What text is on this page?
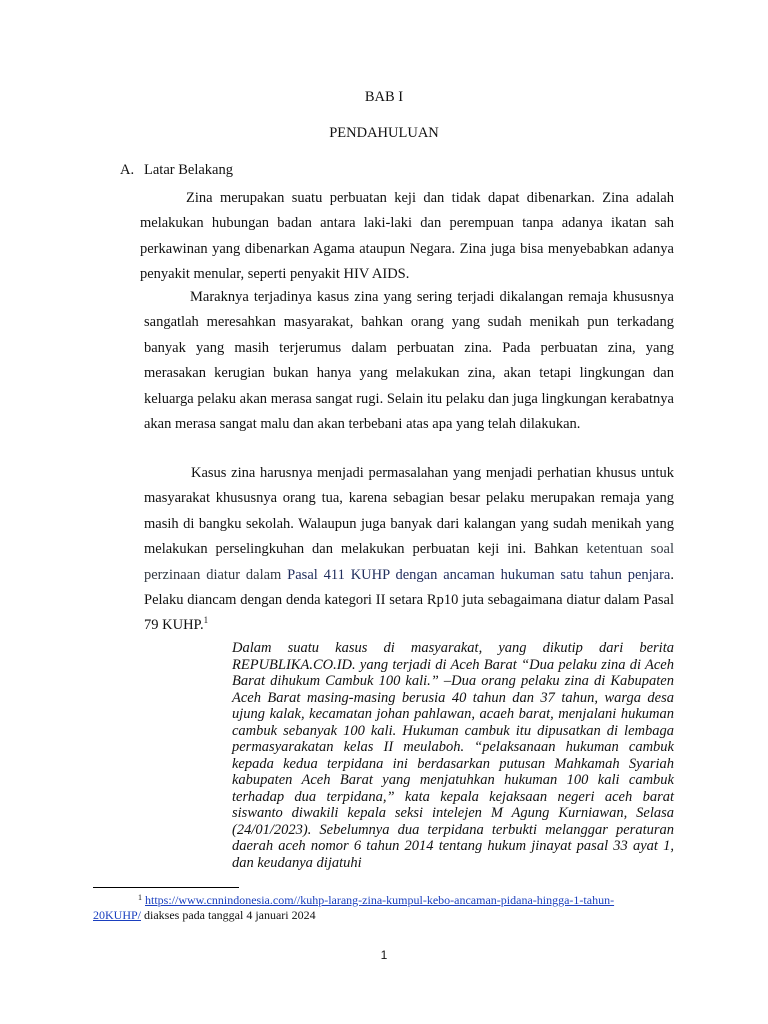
BAB I
PENDAHULUAN
A. Latar Belakang

Zina merupakan suatu perbuatan keji dan tidak dapat dibenarkan. Zina adalah melakukan hubungan badan antara laki-laki dan perempuan tanpa adanya ikatan sah perkawinan yang dibenarkan Agama ataupun Negara. Zina juga bisa menyebabkan adanya penyakit menular, seperti penyakit HIV AIDS.

Maraknya terjadinya kasus zina yang sering terjadi dikalangan remaja khususnya sangatlah meresahkan masyarakat, bahkan orang yang sudah menikah pun terkadang banyak yang masih terjerumus dalam perbuatan zina. Pada perbuatan zina, yang merasakan kerugian bukan hanya yang melakukan zina, akan tetapi lingkungan dan keluarga pelaku akan merasa sangat rugi. Selain itu pelaku dan juga lingkungan kerabatnya akan merasa sangat malu dan akan terbebani atas apa yang telah dilakukan.

Kasus zina harusnya menjadi permasalahan yang menjadi perhatian khusus untuk masyarakat khususnya orang tua, karena sebagian besar pelaku merupakan remaja yang masih di bangku sekolah. Walaupun juga banyak dari kalangan yang sudah menikah yang melakukan perselingkuhan dan melakukan perbuatan keji ini. Bahkan ketentuan soal perzinaan diatur dalam Pasal 411 KUHP dengan ancaman hukuman satu tahun penjara. Pelaku diancam dengan denda kategori II setara Rp10 juta sebagaimana diatur dalam Pasal 79 KUHP.$^1$

Dalam suatu kasus di masyarakat, yang dikutip dari berita REPUBLIKA.CO.ID. yang terjadi di Aceh Barat “Dua pelaku zina di Aceh Barat dihukum Cambuk 100 kali.” –Dua orang pelaku zina di Kabupaten Aceh Barat masing-masing berusia 40 tahun dan 37 tahun, warga desa ujung kalak, kecamatan johan pahlawan, acaeh barat, menjalani hukuman cambuk sebanyak 100 kali. Hukuman cambuk itu dipusatkan di lembaga permasyarakatan kelas II meulaboh. “pelaksanaan hukuman cambuk kepada kedua terpidana ini berdasarkan putusan Mahkamah Syariah kabupaten Aceh Barat yang menjatuhkan hukuman 100 kali cambuk terhadap dua terpidana,” kata kepala kejaksaan negeri aceh barat siswanto diwakili kepala seksi intelejen M Agung Kurniawan, Selasa (24/01/2023). Sebelumnya dua terpidana terbukti melanggar peraturan daerah aceh nomor 6 tahun 2014 tentang hukum jinayat pasal 33 ayat 1, dan keudanya dijatuhi

$^1$ https://www.cnnindonesia.com//kuhp-larang-zina-kumpul-kebo-ancaman-pidana-hingga-1-tahun-20KUHP/ diakses pada tanggal 4 januari 2024

1
